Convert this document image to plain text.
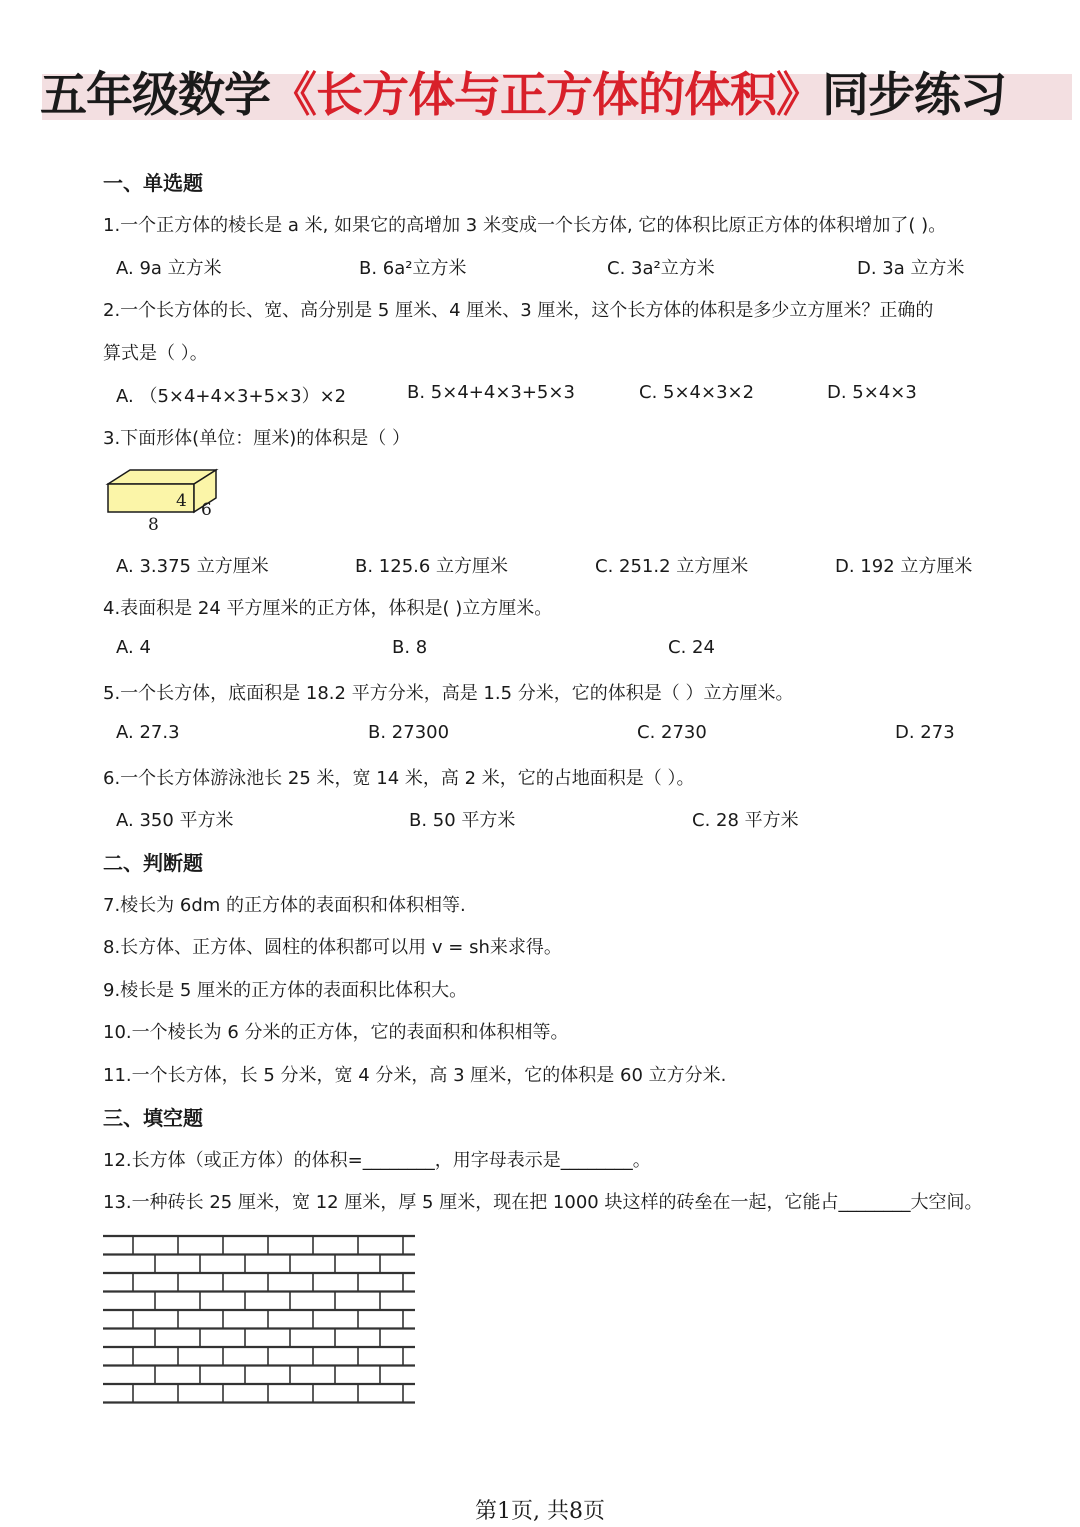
五年级数学《长方体与正方体的体积》同步练习
一、单选题
1.一个正方体的棱长是 a 米, 如果它的高增加 3 米变成一个长方体, 它的体积比原正方体的体积增加了( )。
A. 9a 立方米	B. 6a²立方米	C. 3a²立方米	D. 3a 立方米
2.一个长方体的长、宽、高分别是 5 厘米、4 厘米、3 厘米，这个长方体的体积是多少立方厘米？正确的
算式是（ ）。
A. （5×4+4×3+5×3）×2	B. 5×4+4×3+5×3	C. 5×4×3×2	D. 5×4×3
3.下面形体(单位：厘米)的体积是（ ）
4 6
8
A. 3.375 立方厘米	B. 125.6 立方厘米	C. 251.2 立方厘米	D. 192 立方厘米
4.表面积是 24 平方厘米的正方体，体积是( )立方厘米。
A. 4	B. 8	C. 24
5.一个长方体，底面积是 18.2 平方分米，高是 1.5 分米，它的体积是（ ）立方厘米。
A. 27.3	B. 27300	C. 2730	D. 273
6.一个长方体游泳池长 25 米，宽 14 米，高 2 米，它的占地面积是（ ）。
A. 350 平方米	B. 50 平方米	C. 28 平方米
二、判断题
7.棱长为 6dm 的正方体的表面积和体积相等.
8.长方体、正方体、圆柱的体积都可以用 v = sh来求得。
9.棱长是 5 厘米的正方体的表面积比体积大。
10.一个棱长为 6 分米的正方体，它的表面积和体积相等。
11.一个长方体，长 5 分米，宽 4 分米，高 3 厘米，它的体积是 60 立方分米.
三、填空题
12.长方体（或正方体）的体积=________，用字母表示是________。
13.一种砖长 25 厘米，宽 12 厘米，厚 5 厘米，现在把 1000 块这样的砖垒在一起，它能占________大空间。
第1页, 共8页
